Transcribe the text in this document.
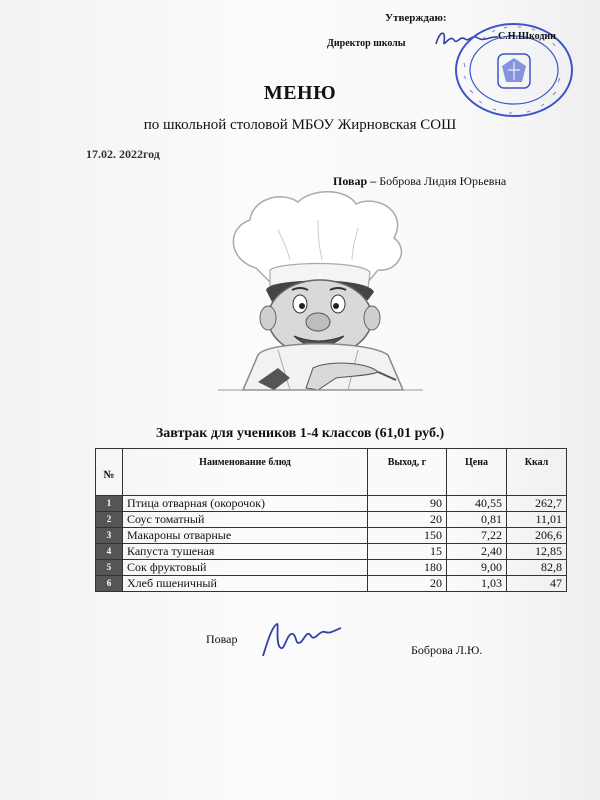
Утверждаю:
Директор школы
С.Н.Шкодин
МЕНЮ
по школьной столовой МБОУ Жирновская СОШ
17.02. 2022год
Повар – Боброва Лидия Юрьевна
Завтрак для учеников 1-4 классов (61,01 руб.)
№	Наименование блюд	Выход, г	Цена	Ккал
1	Птица отварная (окорочок)	90	40,55	262,7
2	Соус томатный	20	0,81	11,01
3	Макароны отварные	150	7,22	206,6
4	Капуста тушеная	15	2,40	12,85
5	Сок фруктовый	180	9,00	82,8
6	Хлеб пшеничный	20	1,03	47
Повар
Боброва Л.Ю.
